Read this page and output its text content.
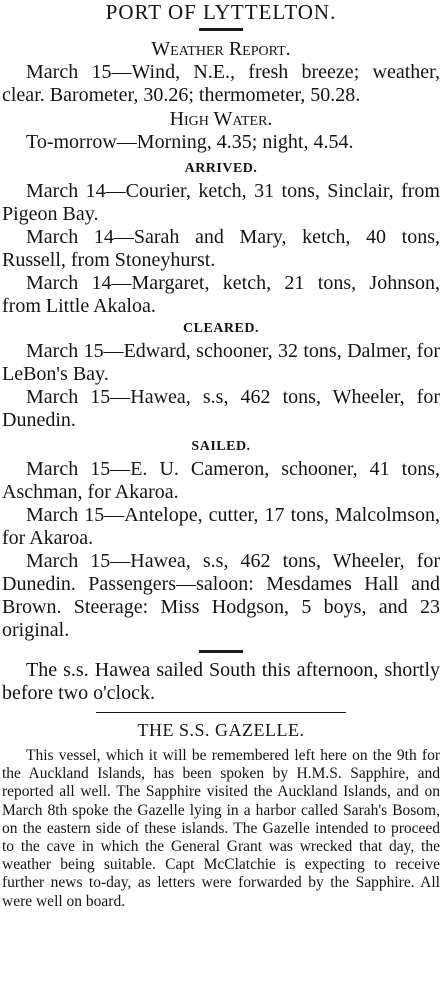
PORT OF LYTTELTON.
Weather Report.

March 15—Wind, N.E., fresh breeze; weather, clear. Barometer, 30.26; thermometer, 50.28.

High Water.

To-morrow—Morning, 4.35; night, 4.54.

ARRIVED.

March 14—Courier, ketch, 31 tons, Sinclair, from Pigeon Bay.

March 14—Sarah and Mary, ketch, 40 tons, Russell, from Stoneyhurst.

March 14—Margaret, ketch, 21 tons, Johnson, from Little Akaloa.

CLEARED.

March 15—Edward, schooner, 32 tons, Dalmer, for LeBon's Bay.

March 15—Hawea, s.s, 462 tons, Wheeler, for Dunedin.

SAILED.

March 15—E. U. Cameron, schooner, 41 tons, Aschman, for Akaroa.

March 15—Antelope, cutter, 17 tons, Malcolmson, for Akaroa.

March 15—Hawea, s.s, 462 tons, Wheeler, for Dunedin. Passengers—saloon: Mesdames Hall and Brown. Steerage: Miss Hodgson, 5 boys, and 23 original.

The s.s. Hawea sailed South this afternoon, shortly before two o'clock.

THE S.S. GAZELLE.

This vessel, which it will be remembered left here on the 9th for the Auckland Islands, has been spoken by H.M.S. Sapphire, and reported all well. The Sapphire visited the Auckland Islands, and on March 8th spoke the Gazelle lying in a harbor called Sarah's Bosom, on the eastern side of these islands. The Gazelle intended to proceed to the cave in which the General Grant was wrecked that day, the weather being suitable. Capt McClatchie is expecting to receive further news to-day, as letters were forwarded by the Sapphire. All were well on board.
